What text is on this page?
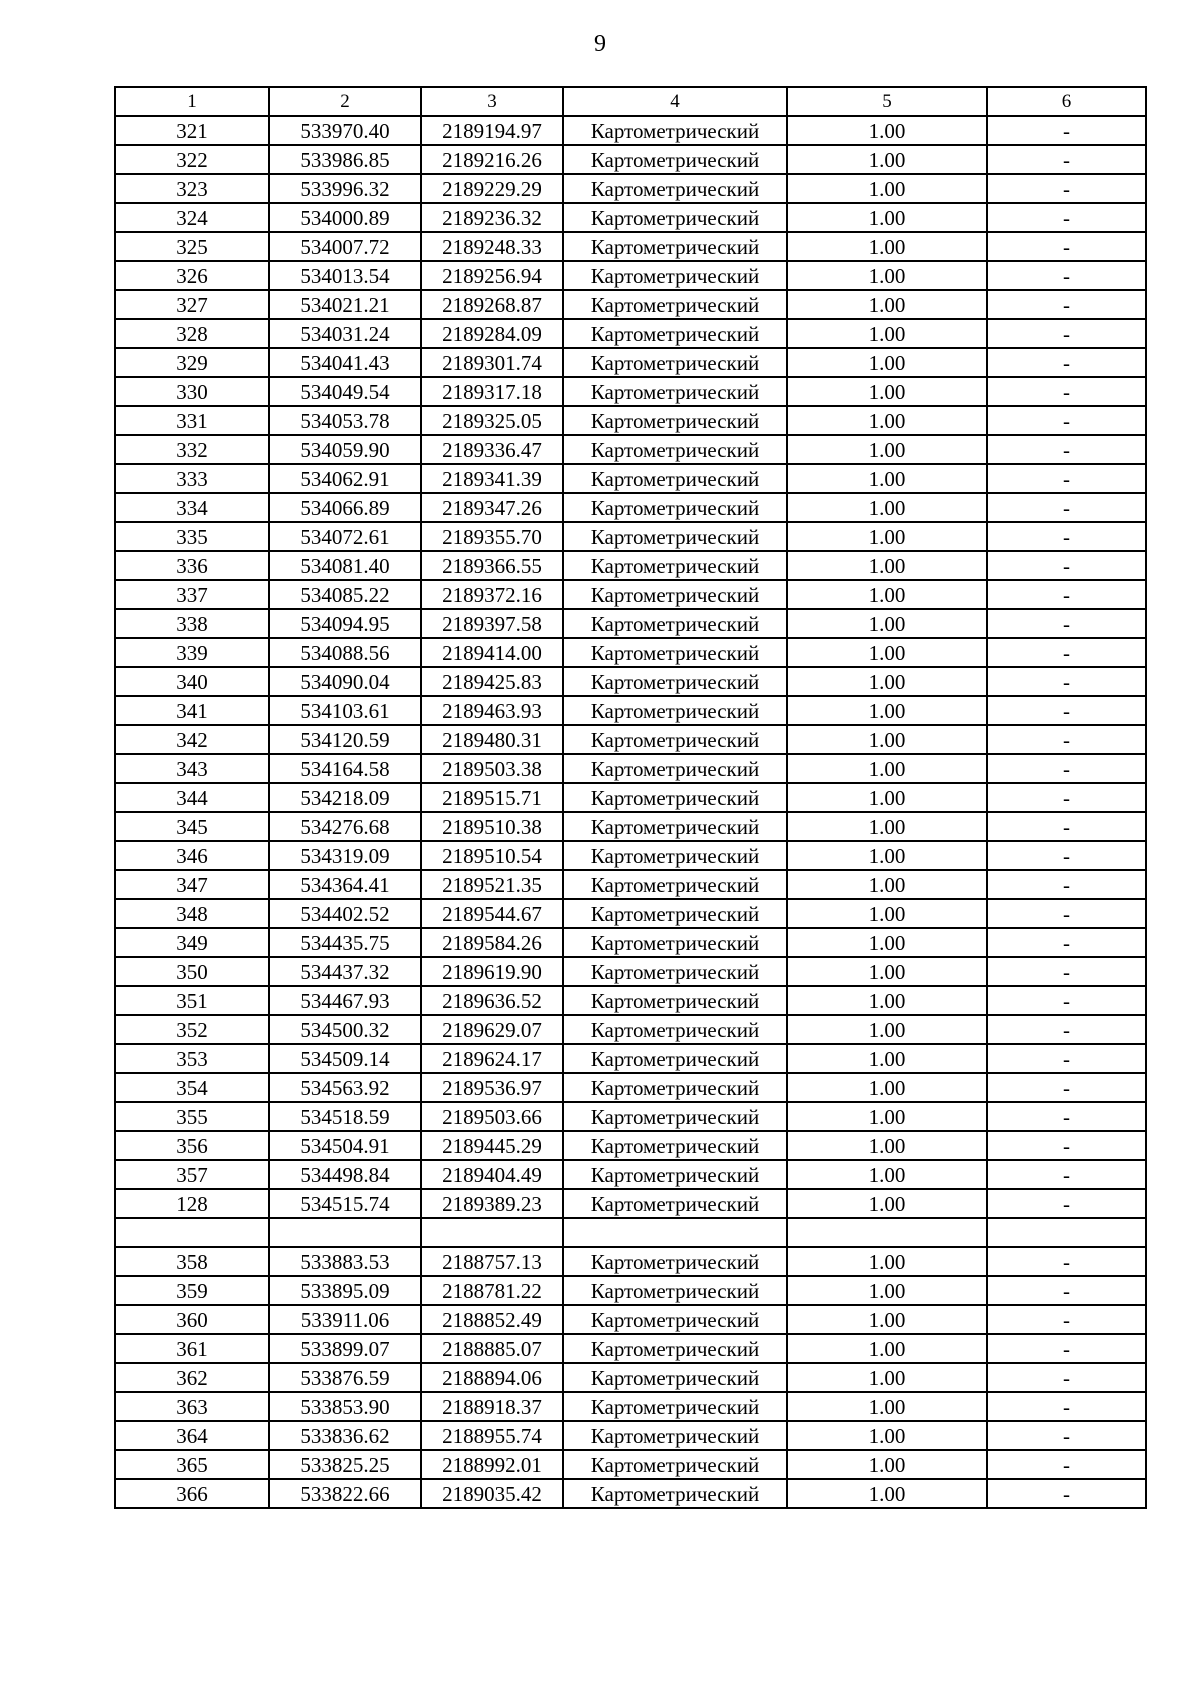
9
1	2	3	4	5	6
321	533970.40	2189194.97	Картометрический	1.00	-
322	533986.85	2189216.26	Картометрический	1.00	-
323	533996.32	2189229.29	Картометрический	1.00	-
324	534000.89	2189236.32	Картометрический	1.00	-
325	534007.72	2189248.33	Картометрический	1.00	-
326	534013.54	2189256.94	Картометрический	1.00	-
327	534021.21	2189268.87	Картометрический	1.00	-
328	534031.24	2189284.09	Картометрический	1.00	-
329	534041.43	2189301.74	Картометрический	1.00	-
330	534049.54	2189317.18	Картометрический	1.00	-
331	534053.78	2189325.05	Картометрический	1.00	-
332	534059.90	2189336.47	Картометрический	1.00	-
333	534062.91	2189341.39	Картометрический	1.00	-
334	534066.89	2189347.26	Картометрический	1.00	-
335	534072.61	2189355.70	Картометрический	1.00	-
336	534081.40	2189366.55	Картометрический	1.00	-
337	534085.22	2189372.16	Картометрический	1.00	-
338	534094.95	2189397.58	Картометрический	1.00	-
339	534088.56	2189414.00	Картометрический	1.00	-
340	534090.04	2189425.83	Картометрический	1.00	-
341	534103.61	2189463.93	Картометрический	1.00	-
342	534120.59	2189480.31	Картометрический	1.00	-
343	534164.58	2189503.38	Картометрический	1.00	-
344	534218.09	2189515.71	Картометрический	1.00	-
345	534276.68	2189510.38	Картометрический	1.00	-
346	534319.09	2189510.54	Картометрический	1.00	-
347	534364.41	2189521.35	Картометрический	1.00	-
348	534402.52	2189544.67	Картометрический	1.00	-
349	534435.75	2189584.26	Картометрический	1.00	-
350	534437.32	2189619.90	Картометрический	1.00	-
351	534467.93	2189636.52	Картометрический	1.00	-
352	534500.32	2189629.07	Картометрический	1.00	-
353	534509.14	2189624.17	Картометрический	1.00	-
354	534563.92	2189536.97	Картометрический	1.00	-
355	534518.59	2189503.66	Картометрический	1.00	-
356	534504.91	2189445.29	Картометрический	1.00	-
357	534498.84	2189404.49	Картометрический	1.00	-
128	534515.74	2189389.23	Картометрический	1.00	-

358	533883.53	2188757.13	Картометрический	1.00	-
359	533895.09	2188781.22	Картометрический	1.00	-
360	533911.06	2188852.49	Картометрический	1.00	-
361	533899.07	2188885.07	Картометрический	1.00	-
362	533876.59	2188894.06	Картометрический	1.00	-
363	533853.90	2188918.37	Картометрический	1.00	-
364	533836.62	2188955.74	Картометрический	1.00	-
365	533825.25	2188992.01	Картометрический	1.00	-
366	533822.66	2189035.42	Картометрический	1.00	-
